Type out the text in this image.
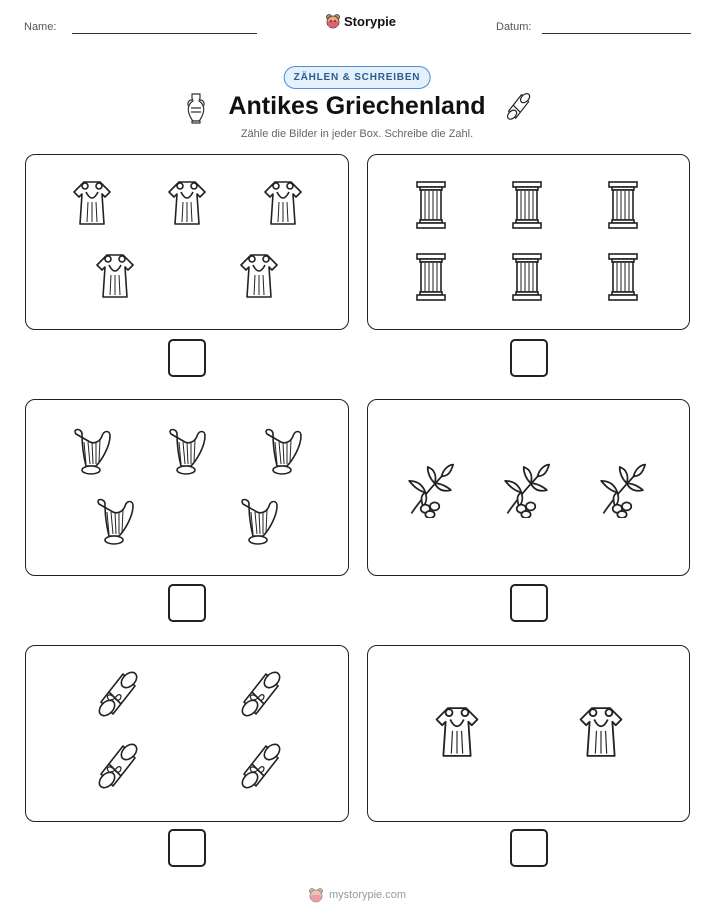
Name:	Storypie	Datum:
ZÄHLEN & SCHREIBEN
Antikes Griechenland
Zähle die Bilder in jeder Box. Schreibe die Zahl.
mystorypie.com
